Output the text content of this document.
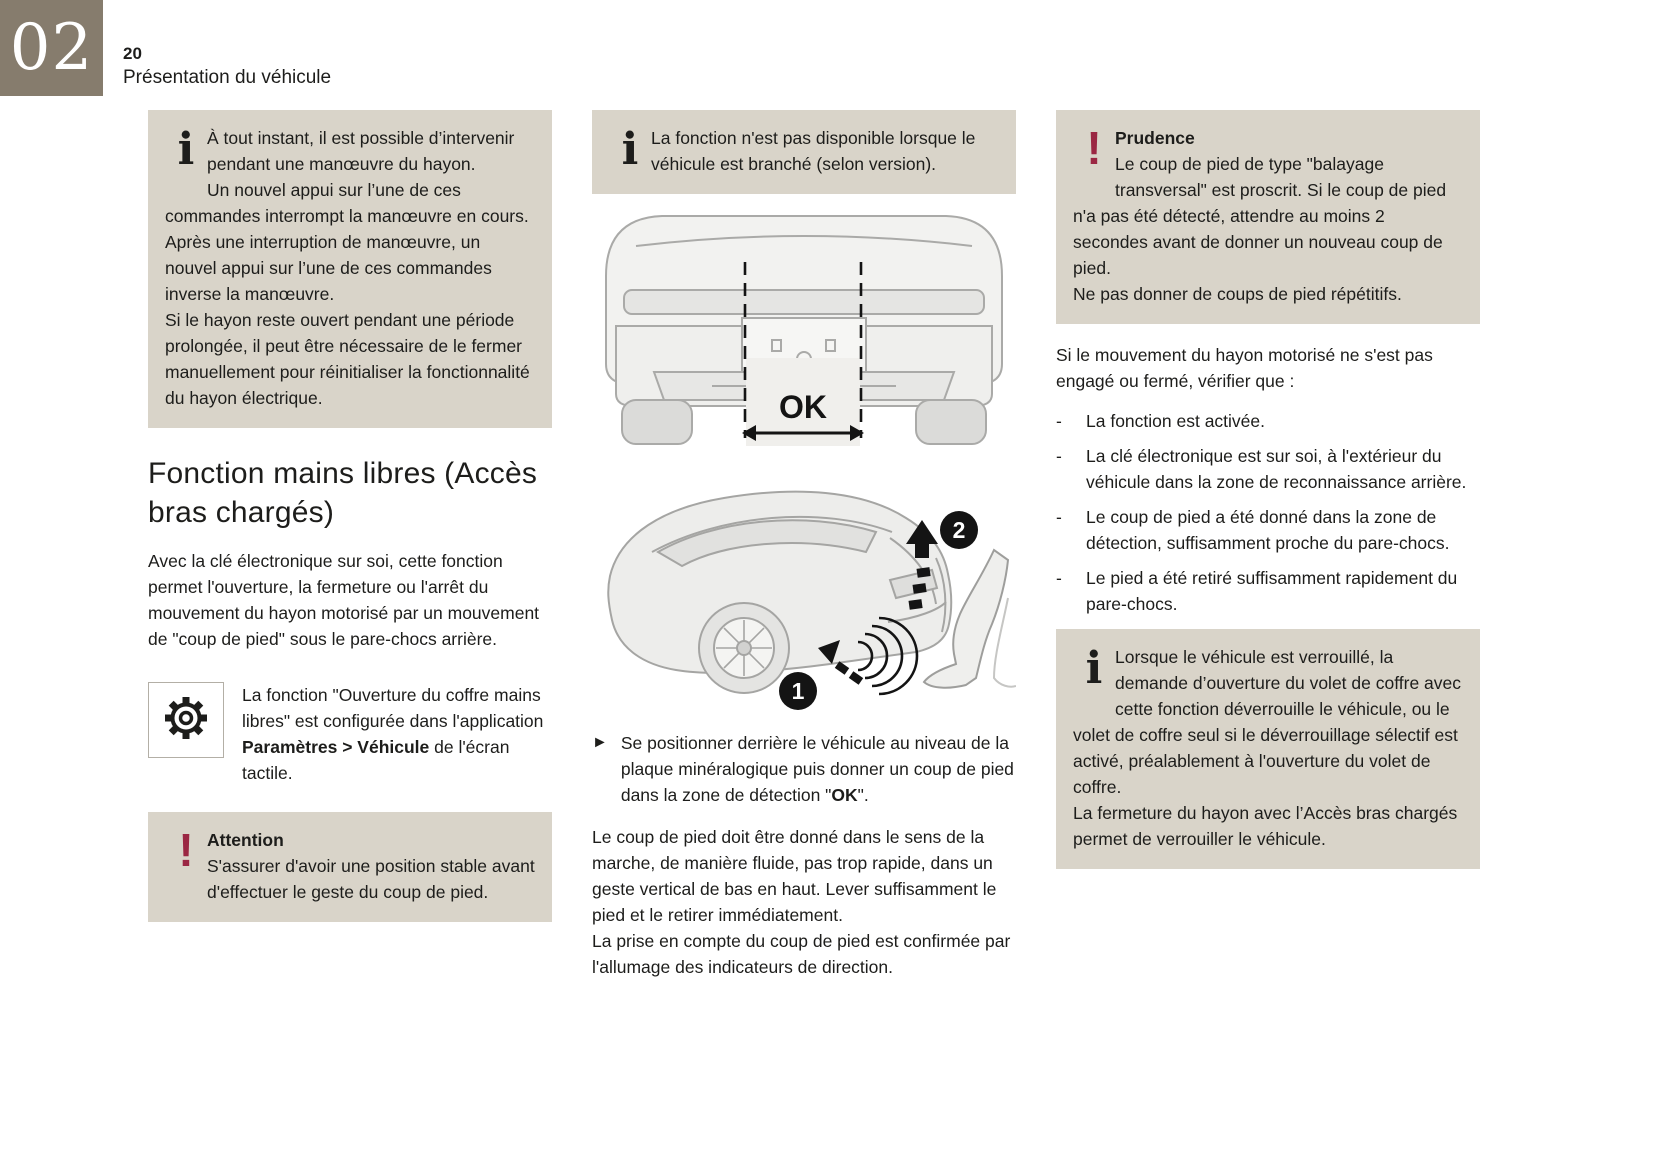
02 20
Présentation du véhicule
i À tout instant, il est possible d’intervenir pendant une manœuvre du hayon.

Un nouvel appui sur l’une de ces commandes interrompt la manœuvre en cours.

Après une interruption de manœuvre, un nouvel appui sur l’une de ces commandes inverse la manœuvre.

Si le hayon reste ouvert pendant une période prolongée, il peut être nécessaire de le fermer manuellement pour réinitialiser la fonctionnalité du hayon électrique.

Fonction mains libres (Accès bras chargés)

Avec la clé électronique sur soi, cette fonction permet l'ouverture, la fermeture ou l'arrêt du mouvement du hayon motorisé par un mouvement de "coup de pied" sous le pare-chocs arrière.

La fonction "Ouverture du coffre mains libres" est configurée dans l'application Paramètres > Véhicule de l'écran tactile.

! Attention

S'assurer d'avoir une position stable avant d'effectuer le geste du coup de pied.

i La fonction n'est pas disponible lorsque le véhicule est branché (selon version).

OK
2
1
► Se positionner derrière le véhicule au niveau de la plaque minéralogique puis donner un coup de pied dans la zone de détection "OK".

Le coup de pied doit être donné dans le sens de la marche, de manière fluide, pas trop rapide, dans un geste vertical de bas en haut. Lever suffisamment le pied et le retirer immédiatement.

La prise en compte du coup de pied est confirmée par l'allumage des indicateurs de direction.

! Prudence

Le coup de pied de type "balayage transversal" est proscrit. Si le coup de pied n'a pas été détecté, attendre au moins 2 secondes avant de donner un nouveau coup de pied.

Ne pas donner de coups de pied répétitifs.

Si le mouvement du hayon motorisé ne s'est pas engagé ou fermé, vérifier que :

-	La fonction est activée.

-	La clé électronique est sur soi, à l'extérieur du véhicule dans la zone de reconnaissance arrière.

-	Le coup de pied a été donné dans la zone de détection, suffisamment proche du pare-chocs.

-	Le pied a été retiré suffisamment rapidement du pare-chocs.

i Lorsque le véhicule est verrouillé, la demande d’ouverture du volet de coffre avec cette fonction déverrouille le véhicule, ou le volet de coffre seul si le déverrouillage sélectif est activé, préalablement à l'ouverture du volet de coffre.

La fermeture du hayon avec l’Accès bras chargés permet de verrouiller le véhicule.
